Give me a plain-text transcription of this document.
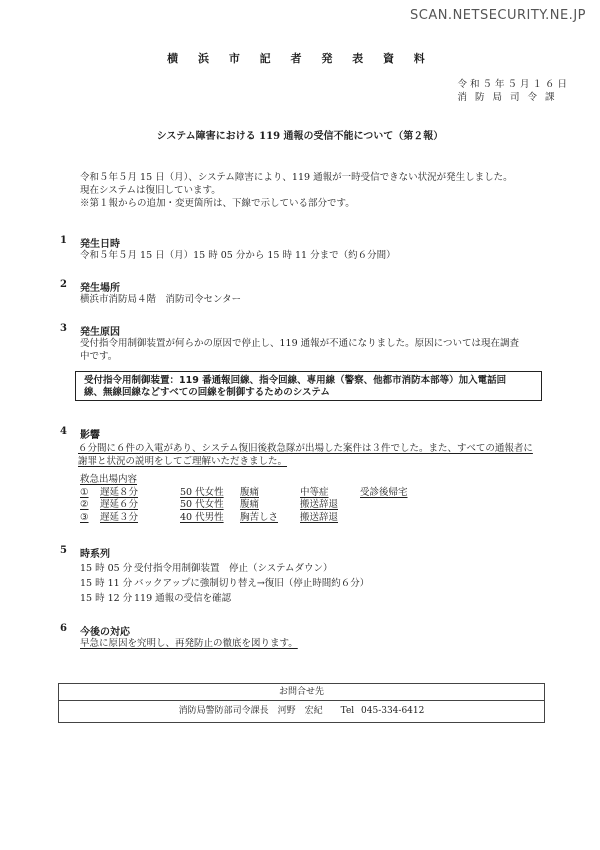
SCAN.NETSECURITY.NE.JP
横 浜 市 記 者 発 表 資 料
令和５年５月１６日
消防局司令課
システム障害における 119 通報の受信不能について（第２報）
令和５年５月 15 日（月）、システム障害により、119 通報が一時受信できない状況が発生しました。
現在システムは復旧しています。
※第１報からの追加・変更箇所は、下線で示している部分です。
1	発生日時
令和５年５月 15 日（月）15 時 05 分から 15 時 11 分まで（約６分間）
2	発生場所
横浜市消防局４階　消防司令センター
3	発生原因
受付指令用制御装置が何らかの原因で停止し、119 通報が不通になりました。原因については現在調査
中です。
受付指令用制御装置：119 番通報回線、指令回線、専用線（警察、他都市消防本部等）加入電話回
線、無線回線などすべての回線を制御するためのシステム
4	影響
６分間に６件の入電があり、システム復旧後救急隊が出場した案件は３件でした。また、すべての通報者に
謝罪と状況の説明をしてご理解いただきました。
救急出場内容
①	遅延８分	50 代女性	腹痛	中等症	受診後帰宅
②	遅延６分	50 代女性	腹痛	搬送辞退
③	遅延３分	40 代男性	胸苦しさ	搬送辞退
5	時系列
15 時 05 分 受付指令用制御装置　停止（システムダウン）
15 時 11 分 バックアップに強制切り替え→復旧（停止時間約６分）
15 時 12 分 119 通報の受信を確認
6	今後の対応
早急に原因を究明し、再発防止の徹底を図ります。
お問合せ先
消防局警防部司令課長　河野　宏紀　　Tel 045-334-6412
